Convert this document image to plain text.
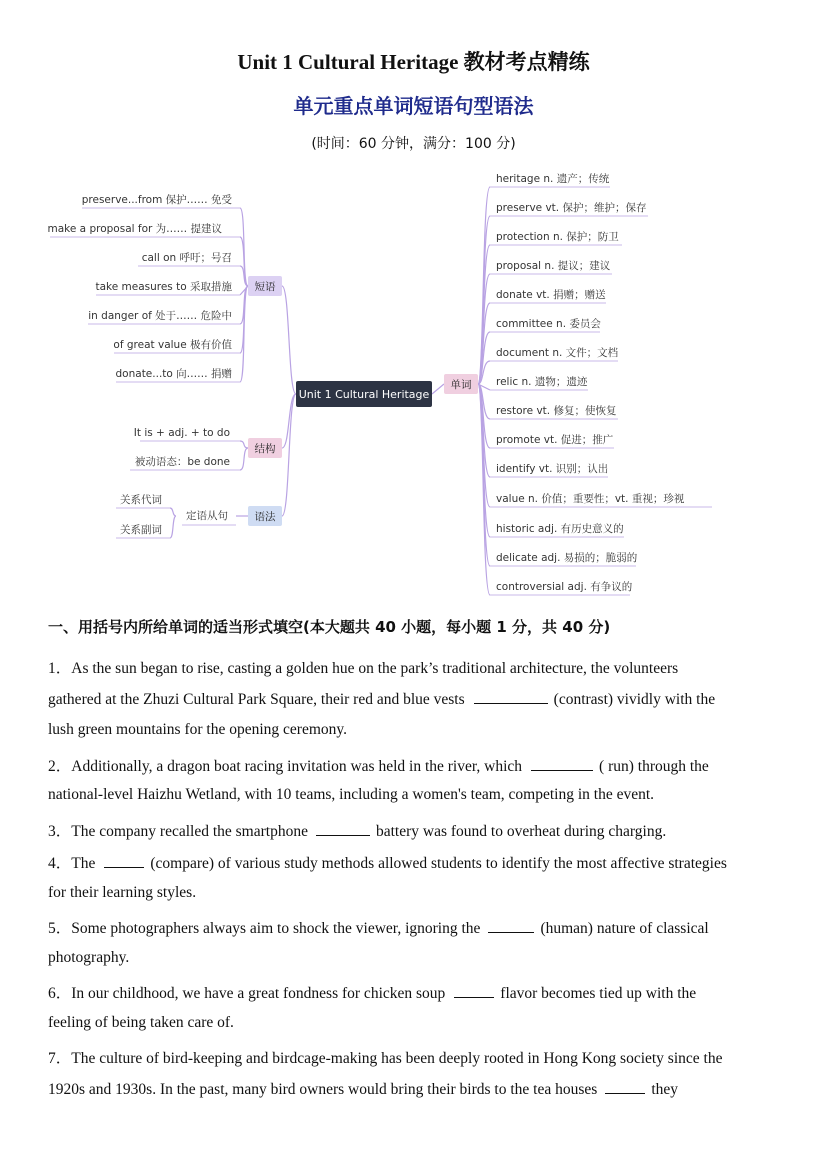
Unit 1 Cultural Heritage 教材考点精练
单元重点单词短语句型语法
(时间：60 分钟，满分：100 分)
Unit 1 Cultural Heritage
短语
结构
语法
单词
preserve...from 保护…… 免受
make a proposal for 为…… 提建议
call on 呼吁；号召
take measures to 采取措施
in danger of 处于…… 危险中
of great value 极有价值
donate...to 向…… 捐赠
It is + adj. + to do
被动语态：be done
定语从句
关系代词
关系副词
heritage n. 遗产；传统
preserve vt. 保护；维护；保存
protection n. 保护；防卫
proposal n. 提议；建议
donate vt. 捐赠；赠送
committee n. 委员会
document n. 文件；文档
relic n. 遗物；遗迹
restore vt. 修复；使恢复
promote vt. 促进；推广
identify vt. 识别；认出
value n. 价值；重要性；vt. 重视；珍视
historic adj. 有历史意义的
delicate adj. 易损的；脆弱的
controversial adj. 有争议的
一、用括号内所给单词的适当形式填空(本大题共 40 小题，每小题 1 分，共 40 分)
1．As the sun began to rise, casting a golden hue on the park’s traditional architecture, the volunteers
gathered at the Zhuzi Cultural Park Square, their red and blue vests	(contrast) vividly with the
lush green mountains for the opening ceremony.
2．Additionally, a dragon boat racing invitation was held in the river, which	( run) through the
national-level Haizhu Wetland, with 10 teams, including a women's team, competing in the event.
3．The company recalled the smartphone	battery was found to overheat during charging.
4．The	(compare) of various study methods allowed students to identify the most affective strategies
for their learning styles.
5．Some photographers always aim to shock the viewer, ignoring the	(human) nature of classical
photography.
6．In our childhood, we have a great fondness for chicken soup	flavor becomes tied up with the
feeling of being taken care of.
7．The culture of bird-keeping and birdcage-making has been deeply rooted in Hong Kong society since the
1920s and 1930s. In the past, many bird owners would bring their birds to the tea houses	they
